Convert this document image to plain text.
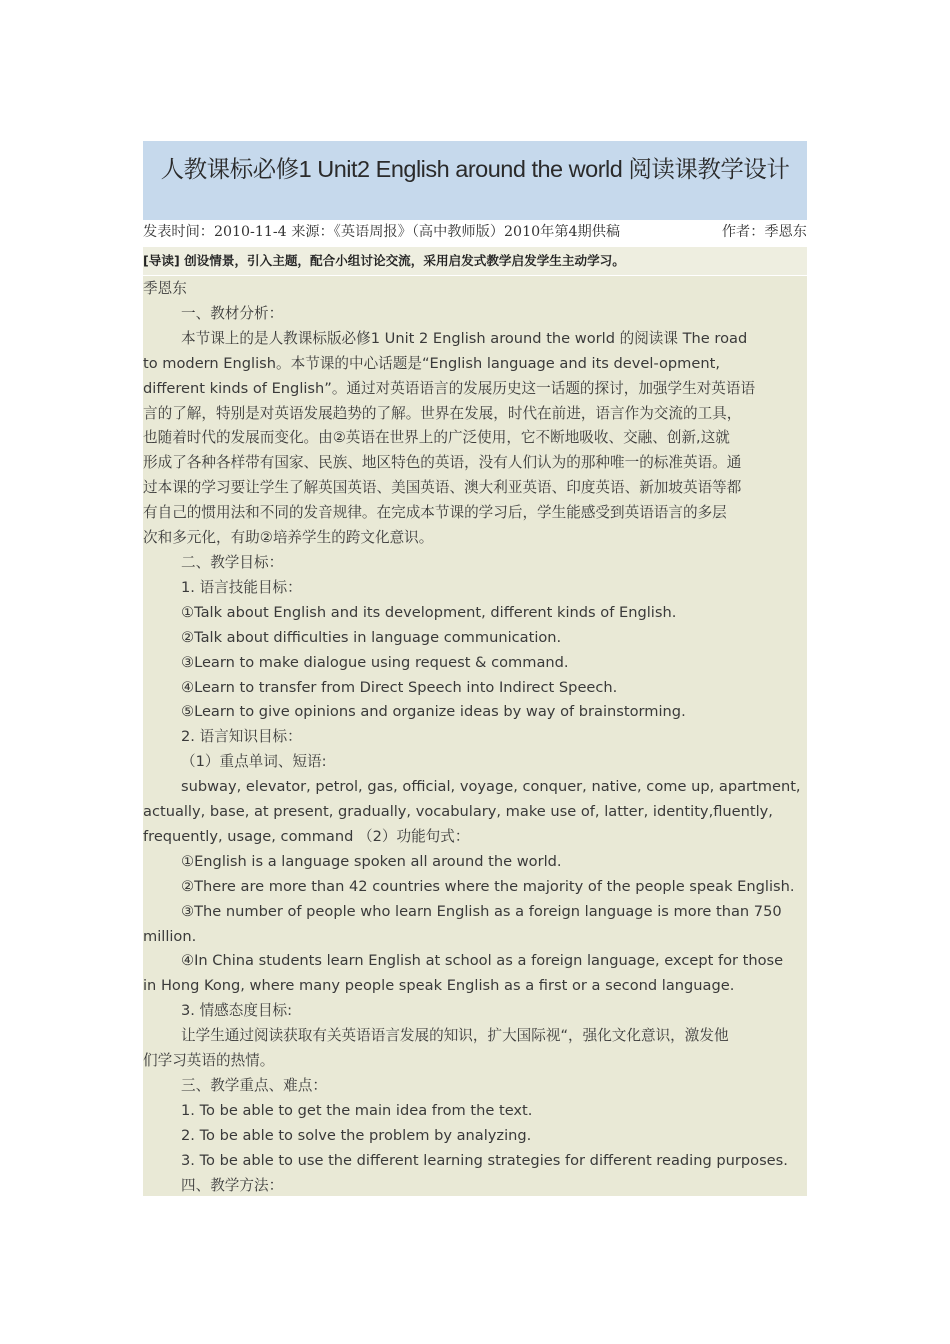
人教课标必修1 Unit2 English around the world 阅读课教学设计
发表时间：2010-11-4 来源：《英语周报》（高中教师版）2010年第4期供稿	作者：季恩东
[导读] 创设情景，引入主题，配合小组讨论交流，采用启发式教学启发学生主动学习。

季恩东

一、教材分析：

本节课上的是人教课标版必修1 Unit 2 English around the world 的阅读课 The road

to modern English。本节课的中心话题是“English language and its devel-opment,

different kinds of English”。通过对英语语言的发展历史这一话题的探讨，加强学生对英语语

言的了解，特别是对英语发展趋势的了解。世界在发展，时代在前进，语言作为交流的工具，

也随着时代的发展而变化。由②英语在世界上的广泛使用，它不断地吸收、交融、创新,这就

形成了各种各样带有国家、民族、地区特色的英语，没有人们认为的那种唯一的标准英语。通

过本课的学习要让学生了解英国英语、美国英语、澳大利亚英语、印度英语、新加坡英语等都

有自己的惯用法和不同的发音规律。在完成本节课的学习后，学生能感受到英语语言的多层

次和多元化，有助②培养学生的跨文化意识。

二、教学目标：

1. 语言技能目标：

①Talk about English and its development, different kinds of English.

②Talk about difficulties in language communication.

③Learn to make dialogue using request & command.

④Learn to transfer from Direct Speech into Indirect Speech.

⑤Learn to give opinions and organize ideas by way of brainstorming.

2. 语言知识目标：

（1）重点单词、短语:

subway, elevator, petrol, gas, official, voyage, conquer, native, come up, apartment,

actually, base, at present, gradually, vocabulary, make use of, latter, identity,fluently,

frequently, usage, command （2）功能句式：

①English is a language spoken all around the world.

②There are more than 42 countries where the majority of the people speak English.

③The number of people who learn English as a foreign language is more than 750

million.

④In China students learn English at school as a foreign language, except for those

in Hong Kong, where many people speak English as a first or a second language.

3. 情感态度目标:

让学生通过阅读获取有关英语语言发展的知识，扩大国际视“，强化文化意识，激发他

们学习英语的热情。

三、教学重点、难点：

1. To be able to get the main idea from the text.

2. To be able to solve the problem by analyzing.

3. To be able to use the different learning strategies for different reading purposes.

四、教学方法：
